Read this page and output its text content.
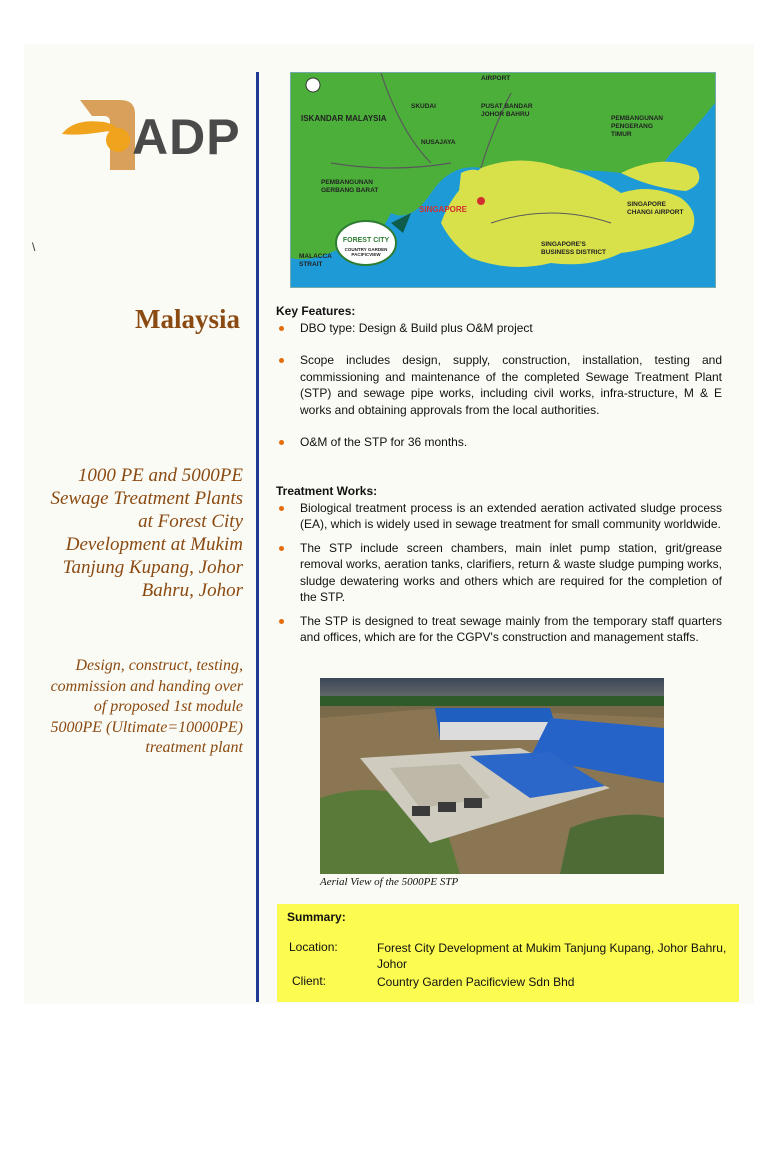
ADP
\
Malaysia
1000 PE and 5000PE Sewage Treatment Plants at Forest City Development at Mukim Tanjung Kupang, Johor Bahru, Johor
Design, construct, testing, commission and handing over of proposed 1st module 5000PE (Ultimate=10000PE) treatment plant
ISKANDAR MALAYSIA
SINGAPORE
FOREST CITY
COUNTRY GARDEN PACIFICVIEW
PUSAT BANDAR JOHOR BAHRU
NUSAJAYA
PEMBANGUNAN PENGERANG TIMUR
SINGAPORE CHANGI AIRPORT
SINGAPORE'S BUSINESS DISTRICT
MALACCA STRAIT
AIRPORT
PEMBANGUNAN GERBANG BARAT
SKUDAI
Key Features:
DBO type: Design & Build plus O&M project
Scope includes design, supply, construction, installation, testing and commissioning and maintenance of the completed Sewage Treatment Plant (STP) and sewage pipe works, including civil works, infra-structure, M & E works and obtaining approvals from the local authorities.
O&M of the STP for 36 months.
Treatment Works:
Biological treatment process is an extended aeration activated sludge process (EA), which is widely used in sewage treatment for small community worldwide.
The STP include screen chambers, main inlet pump station, grit/grease removal works, aeration tanks, clarifiers, return & waste sludge pumping works, sludge dewatering works and others which are required for the completion of the STP.
The STP is designed to treat sewage mainly from the temporary staff quarters and offices, which are for the CGPV's construction and management staffs.
Aerial View of the 5000PE STP
Summary:
Location:	Forest City Development at Mukim Tanjung Kupang, Johor Bahru, Johor
Client:	Country Garden Pacificview Sdn Bhd
